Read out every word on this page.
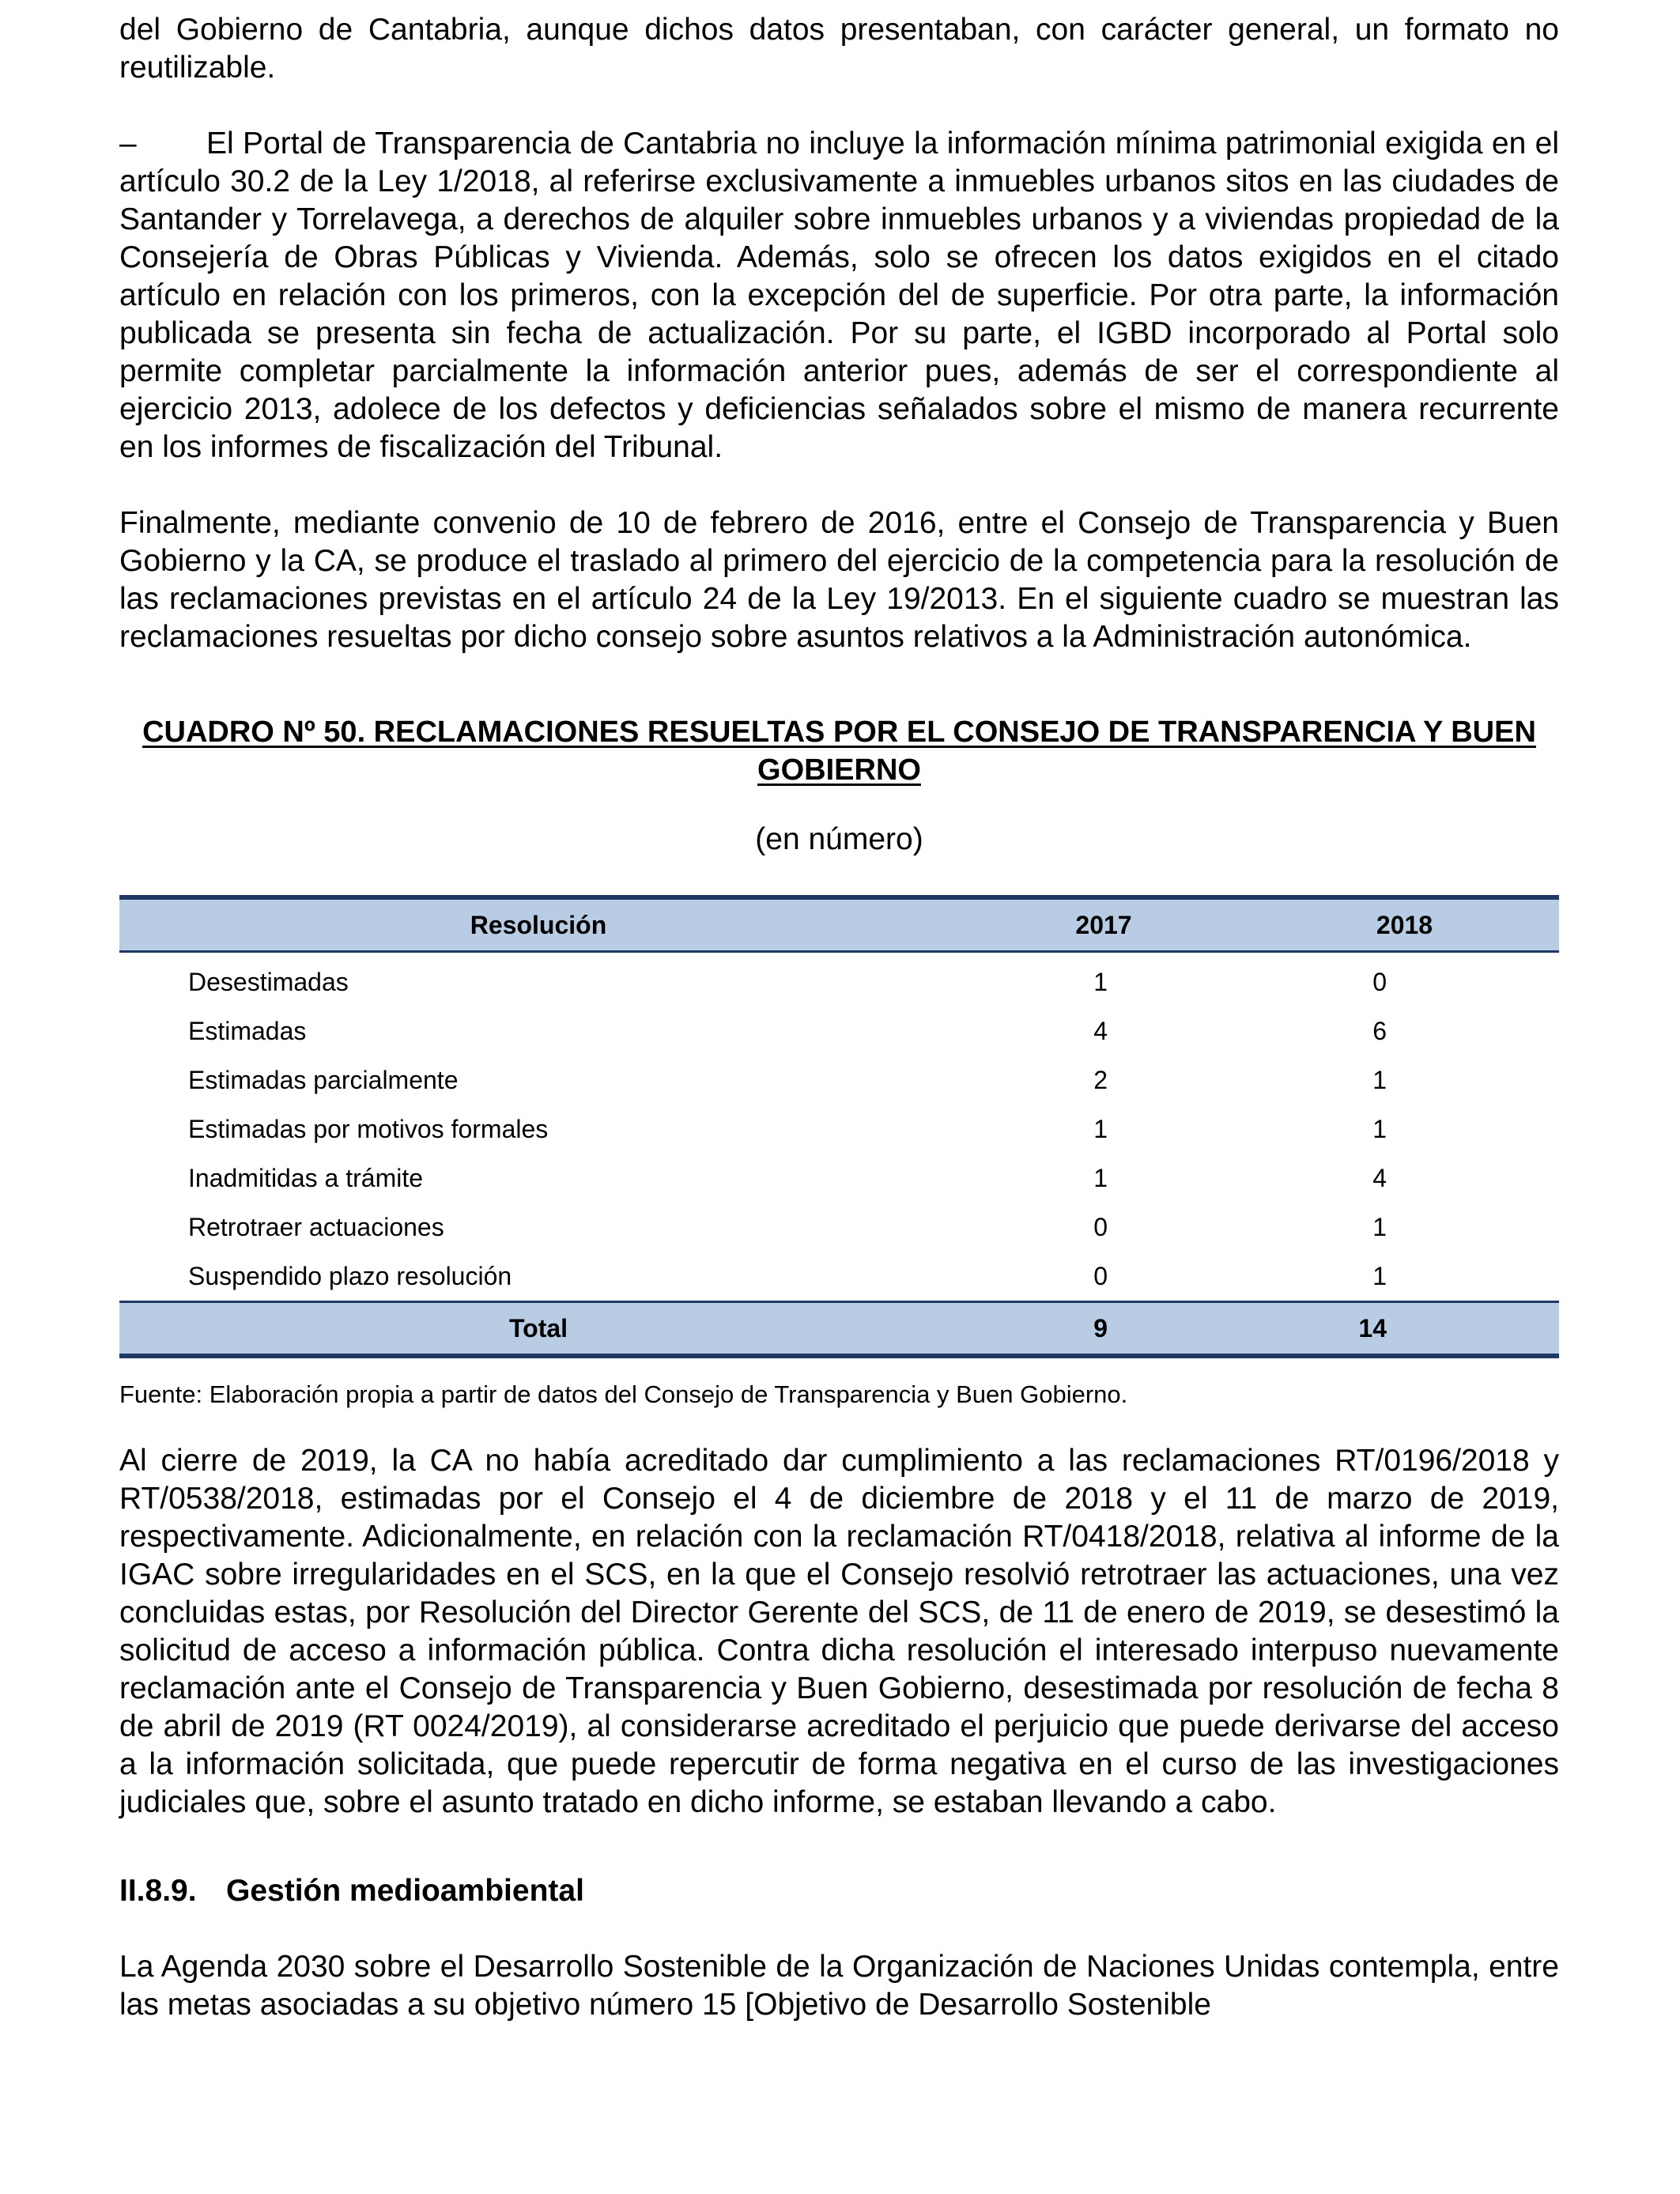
del Gobierno de Cantabria, aunque dichos datos presentaban, con carácter general, un formato no reutilizable.

– El Portal de Transparencia de Cantabria no incluye la información mínima patrimonial exigida en el artículo 30.2 de la Ley 1/2018, al referirse exclusivamente a inmuebles urbanos sitos en las ciudades de Santander y Torrelavega, a derechos de alquiler sobre inmuebles urbanos y a viviendas propiedad de la Consejería de Obras Públicas y Vivienda. Además, solo se ofrecen los datos exigidos en el citado artículo en relación con los primeros, con la excepción del de superficie. Por otra parte, la información publicada se presenta sin fecha de actualización. Por su parte, el IGBD incorporado al Portal solo permite completar parcialmente la información anterior pues, además de ser el correspondiente al ejercicio 2013, adolece de los defectos y deficiencias señalados sobre el mismo de manera recurrente en los informes de fiscalización del Tribunal.

Finalmente, mediante convenio de 10 de febrero de 2016, entre el Consejo de Transparencia y Buen Gobierno y la CA, se produce el traslado al primero del ejercicio de la competencia para la resolución de las reclamaciones previstas en el artículo 24 de la Ley 19/2013. En el siguiente cuadro se muestran las reclamaciones resueltas por dicho consejo sobre asuntos relativos a la Administración autonómica.

CUADRO Nº 50. RECLAMACIONES RESUELTAS POR EL CONSEJO DE TRANSPARENCIA Y BUEN GOBIERNO
(en número)
Resolución	2017	2018
Desestimadas	1	0
Estimadas	4	6
Estimadas parcialmente	2	1
Estimadas por motivos formales	1	1
Inadmitidas a trámite	1	4
Retrotraer actuaciones	0	1
Suspendido plazo resolución	0	1
Total	9	14
Fuente: Elaboración propia a partir de datos del Consejo de Transparencia y Buen Gobierno.

Al cierre de 2019, la CA no había acreditado dar cumplimiento a las reclamaciones RT/0196/2018 y RT/0538/2018, estimadas por el Consejo el 4 de diciembre de 2018 y el 11 de marzo de 2019, respectivamente. Adicionalmente, en relación con la reclamación RT/0418/2018, relativa al informe de la IGAC sobre irregularidades en el SCS, en la que el Consejo resolvió retrotraer las actuaciones, una vez concluidas estas, por Resolución del Director Gerente del SCS, de 11 de enero de 2019, se desestimó la solicitud de acceso a información pública. Contra dicha resolución el interesado interpuso nuevamente reclamación ante el Consejo de Transparencia y Buen Gobierno, desestimada por resolución de fecha 8 de abril de 2019 (RT 0024/2019), al considerarse acreditado el perjuicio que puede derivarse del acceso a la información solicitada, que puede repercutir de forma negativa en el curso de las investigaciones judiciales que, sobre el asunto tratado en dicho informe, se estaban llevando a cabo.

II.8.9. Gestión medioambiental

La Agenda 2030 sobre el Desarrollo Sostenible de la Organización de Naciones Unidas contempla, entre las metas asociadas a su objetivo número 15 [Objetivo de Desarrollo Sostenible
